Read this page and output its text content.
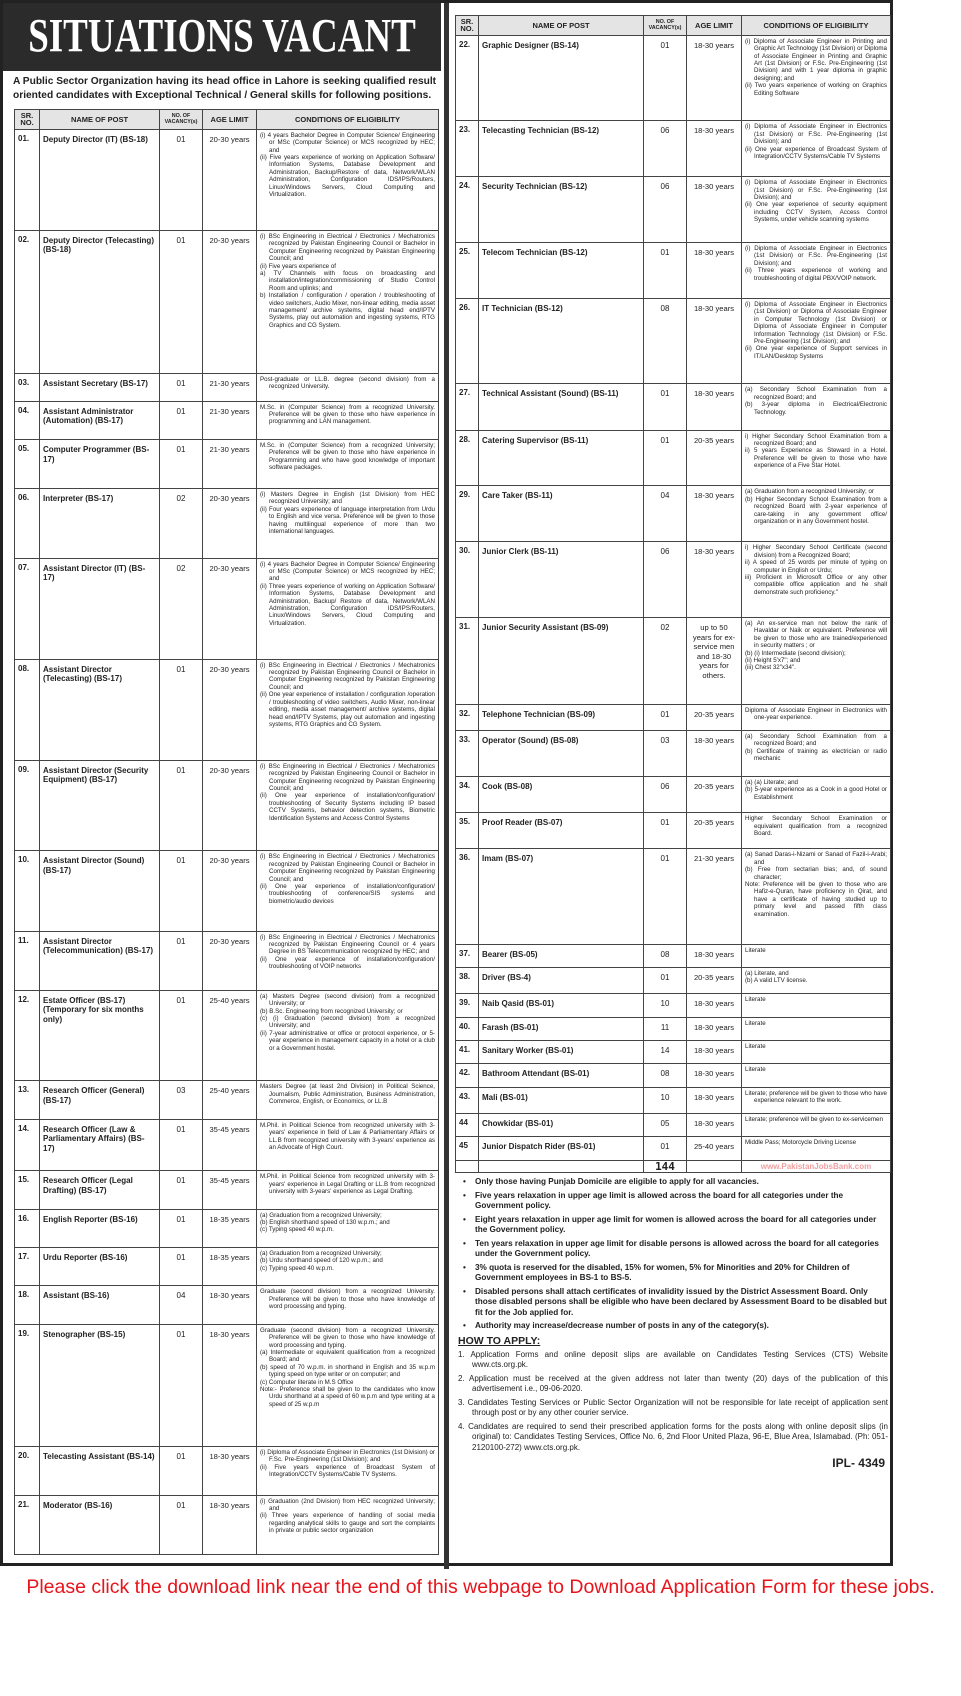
SITUATIONS VACANT
A Public Sector Organization having its head office in Lahore is seeking qualified result oriented candidates with Exceptional Technical / General skills for following positions.
SR. NO.	NAME OF POST	NO. OF VACANCY(s)	AGE LIMIT	CONDITIONS OF ELIGIBILITY
01.	Deputy Director (IT) (BS-18)	01	20-30 years	(i) 4 years Bachelor Degree in Computer Science/ Engineering or MSc (Computer Science) or MCS recognized by HEC; and
(ii) Five years experience of working on Application Software/ Information Systems, Database Development and Administration, Backup/Restore of data, Network/WLAN Administration, Configuration IDS/IPS/Routers, Linux/Windows Servers, Cloud Computing and Virtualization.

02.	Deputy Director (Telecasting) (BS-18)	01	20-30 years	(i) BSc Engineering in Electrical / Electronics / Mechatronics recognized by Pakistan Engineering Council or Bachelor in Computer Engineering recognized by Pakistan Engineering Council; and
(ii) Five years experience of
a) TV Channels with focus on broadcasting and installation/integration/commissioning of Studio Control Room and uplinks; and
b) Installation / configuration / operation / troubleshooting of video switchers, Audio Mixer, non-linear editing, media asset management/ archive systems, digital head end/IPTV Systems, play out automation and ingesting systems, RTG Graphics and CG System.

03.	Assistant Secretary (BS-17)	01	21-30 years	Post-graduate or LL.B. degree (second division) from a recognized University.

04.	Assistant Administrator (Automation) (BS-17)	01	21-30 years	M.Sc. in (Computer Science) from a recognized University. Preference will be given to those who have experience in programming and LAN management.

05.	Computer Programmer (BS-17)	01	21-30 years	M.Sc. in (Computer Science) from a recognized University; Preference will be given to those who have experience in Programming and who have good knowledge of important software packages.

06.	Interpreter (BS-17)	02	20-30 years	(i) Masters Degree in English (1st Division) from HEC recognized University; and
(ii) Four years experience of language interpretation from Urdu to English and vice versa. Preference will be given to those having multilingual experience of more than two international languages.

07.	Assistant Director (IT) (BS-17)	02	20-30 years	(i) 4 years Bachelor Degree in Computer Science/ Engineering or MSc (Computer Science) or MCS recognized by HEC; and
(ii) Three years experience of working on Application Software/ Information Systems, Database Development and Administration, Backup/ Restore of data, Network/WLAN Administration, Configuration IDS/IPS/Routers, Linux/Windows Servers, Cloud Computing and Virtualization.

08.	Assistant Director (Telecasting) (BS-17)	01	20-30 years	(i) BSc Engineering in Electrical / Electronics / Mechatronics recognized by Pakistan Engineering Council or Bachelor in Computer Engineering recognized by Pakistan Engineering Council; and
(ii) One year experience of installation / configuration /operation / troubleshooting of video switchers, Audio Mixer, non-linear editing, media asset management/ archive systems, digital head end/IPTV Systems, play out automation and ingesting systems, RTG Graphics and CG System.

09.	Assistant Director (Security Equipment) (BS-17)	01	20-30 years	(i) BSc Engineering in Electrical / Electronics / Mechatronics recognized by Pakistan Engineering Council or Bachelor in Computer Engineering recognized by Pakistan Engineering Council; and
(ii) One year experience of installation/configuration/ troubleshooting of Security Systems including IP based CCTV Systems, behavior detection systems, Biometric Identification Systems and Access Control Systems

10.	Assistant Director (Sound) (BS-17)	01	20-30 years	(i) BSc Engineering in Electrical / Electronics / Mechatronics recognized by Pakistan Engineering Council or Bachelor in Computer Engineering recognized by Pakistan Engineering Council; and
(ii) One year experience of installation/configuration/ troubleshooting of conference/SIS systems and biometric/audio devices

11.	Assistant Director (Telecommunication) (BS-17)	01	20-30 years	(i) BSc Engineering in Electrical / Electronics / Mechatronics recognized by Pakistan Engineering Council or 4 years Degree in BS Telecommunication recognized by HEC; and
(ii) One year experience of installation/configuration/ troubleshooting of VOIP networks

12.	Estate Officer (BS-17) (Temporary for six months only)	01	25-40 years	(a) Masters Degree (second division) from a recognized University; or
(b) B.Sc. Engineering from recognized University; or
(c) (i) Graduation (second division) from a recognized University; and
(ii) 7-year administrative or office or protocol experience, or 5-year experience in management capacity in a hotel or a club or a Government hostel.

13.	Research Officer (General) (BS-17)	03	25-40 years	Masters Degree (at least 2nd Division) in Political Science, Journalism, Public Administration, Business Administration, Commerce, English, or Economics, or LL.B

14.	Research Officer (Law & Parliamentary Affairs) (BS-17)	01	35-45 years	M.Phil. in Political Science from recognized university with 3-years' experience in field of Law & Parliamentary Affairs or LL.B from recognized university with 3-years' experience as an Advocate of High Court.

15.	Research Officer (Legal Drafting) (BS-17)	01	35-45 years	M.Phil. in Political Science from recognized university with 3-years' experience in Legal Drafting or LL.B from recognized university with 3-years' experience as Legal Drafting.

16.	English Reporter (BS-16)	01	18-35 years	(a) Graduation from a recognized University;
(b) English shorthand speed of 130 w.p.m.; and
(c) Typing speed 40 w.p.m.

17.	Urdu Reporter (BS-16)	01	18-35 years	(a) Graduation from a recognized University;
(b) Urdu shorthand speed of 120 w.p.m.; and
(c) Typing speed 40 w.p.m.

18.	Assistant (BS-16)	04	18-30 years	Graduate (second division) from a recognized University. Preference will be given to those who have knowledge of word processing and typing.

19.	Stenographer (BS-15)	01	18-30 years	Graduate (second division) from a recognized University. Preference will be given to those who have knowledge of word processing and typing.
(a) Intermediate or equivalent qualification from a recognized Board; and
(b) speed of 70 w.p.m. in shorthand in English and 35 w.p.m typing speed on type writer or on computer; and
(c) Computer literate in M.S Office
Note:- Preference shall be given to the candidates who know Urdu shorthand at a speed of 60 w.p.m and type writing at a speed of 25 w.p.m

20.	Telecasting Assistant (BS-14)	01	18-30 years	(i) Diploma of Associate Engineer in Electronics (1st Division) or F.Sc. Pre-Engineering (1st Division); and
(ii) Five years experience of Broadcast System of Integration/CCTV Systems/Cable TV Systems.

21.	Moderator (BS-16)	01	18-30 years	(i) Graduation (2nd Division) from HEC recognized University; and
(ii) Three years experience of handling of social media regarding analytical skills to gauge and sort the complaints in private or public sector organization
SR. NO.	NAME OF POST	NO. OF VACANCY(s)	AGE LIMIT	CONDITIONS OF ELIGIBILITY
22.	Graphic Designer (BS-14)	01	18-30 years	(i) Diploma of Associate Engineer in Printing and Graphic Art Technology (1st Division) or Diploma of Associate Engineer in Printing and Graphic Art (1st Division) or F.Sc. Pre-Engineering (1st Division) and with 1 year diploma in graphic designing; and
(ii) Two years experience of working on Graphics Editing Software

23.	Telecasting Technician (BS-12)	06	18-30 years	(i) Diploma of Associate Engineer in Electronics (1st Division) or F.Sc. Pre-Engineering (1st Division); and
(ii) One year experience of Broadcast System of Integration/CCTV Systems/Cable TV Systems

24.	Security Technician (BS-12)	06	18-30 years	(i) Diploma of Associate Engineer in Electronics (1st Division) or F.Sc. Pre-Engineering (1st Division); and
(ii) One year experience of security equipment including CCTV System, Access Control Systems, under vehicle scanning systems

25.	Telecom Technician (BS-12)	01	18-30 years	(i) Diploma of Associate Engineer in Electronics (1st Division) or F.Sc. Pre-Engineering (1st Division); and
(ii) Three years experience of working and troubleshooting of digital PBX/VOIP network.

26.	IT Technician (BS-12)	08	18-30 years	(i) Diploma of Associate Engineer in Electronics (1st Division) or Diploma of Associate Engineer in Computer Technology (1st Division) or Diploma of Associate Engineer in Computer Information Technology (1st Division) or F.Sc. Pre-Engineering (1st Division); and
(ii) One year experience of Support services in IT/LAN/Desktop Systems

27.	Technical Assistant (Sound) (BS-11)	01	18-30 years	(a) Secondary School Examination from a recognized Board; and
(b) 3-year diploma in Electrical/Electronic Technology.

28.	Catering Supervisor (BS-11)	01	20-35 years	i) Higher Secondary School Examination from a recognized Board; and
ii) 5 years Experience as Steward in a Hotel. Preference will be given to those who have experience of a Five Star Hotel.

29.	Care Taker (BS-11)	04	18-30 years	(a) Graduation from a recognized University; or
(b) Higher Secondary School Examination from a recognized Board with 2-year experience of care-taking in any government office/ organization or in any Government hostel.

30.	Junior Clerk (BS-11)	06	18-30 years	i) Higher Secondary School Certificate (second division) from a Recognized Board;
ii) A speed of 25 words per minute of typing on computer in English or Urdu;
iii) Proficient in Microsoft Office or any other compatible office application and he shall demonstrate such proficiency."

31.	Junior Security Assistant (BS-09)	02	up to 50 years for ex-service men and 18-30 years for others.	(a) An ex-service man not below the rank of Havaldar or Naik or equivalent. Preference will be given to those who are trained/experienced in security matters ; or
(b) (i) Intermediate (second division);
(ii) Height 5'x7"; and
(iii) Chest 32"x34".

32.	Telephone Technician (BS-09)	01	20-35 years	Diploma of Associate Engineer in Electronics with one-year experience.

33.	Operator (Sound) (BS-08)	03	18-30 years	(a) Secondary School Examination from a recognized Board; and
(b) Certificate of training as electrician or radio mechanic

34.	Cook (BS-08)	06	20-35 years	(a) (a) Literate; and
(b) 5-year experience as a Cook in a good Hotel or Establishment

35.	Proof Reader (BS-07)	01	20-35 years	Higher Secondary School Examination or equivalent qualification from a recognized Board.

36.	Imam (BS-07)	01	21-30 years	(a) Sanad Daras-i-Nizami or Sanad of Fazil-i-Arabi; and
(b) Free from sectarian bias; and, of sound character;
Note: Preference will be given to those who are Hafiz-e-Quran, have proficiency in Qirat, and have a certificate of having studied up to primary level and passed fifth class examination.

37.	Bearer (BS-05)	08	18-30 years	Literate

38.	Driver (BS-4)	01	20-35 years	(a) Literate, and
(b) A valid LTV license.

39.	Naib Qasid (BS-01)	10	18-30 years	Literate

40.	Farash (BS-01)	11	18-30 years	Literate

41.	Sanitary Worker (BS-01)	14	18-30 years	Literate

42.	Bathroom Attendant (BS-01)	08	18-30 years	Literate

43.	Mali (BS-01)	10	18-30 years	Literate; preference will be given to those who have experience relevant to the work.

44	Chowkidar (BS-01)	05	18-30 years	Literate; preference will be given to ex-servicemen

45	Junior Dispatch Rider (BS-01)	01	25-40 years	Middle Pass; Motorcycle Driving License

		144		www.PakistanJobsBank.com
• Only those having Punjab Domicile are eligible to apply for all vacancies.
• Five years relaxation in upper age limit is allowed across the board for all categories under the Government policy.
• Eight years relaxation in upper age limit for women is allowed across the board for all categories under the Government policy.
• Ten years relaxation in upper age limit for disable persons is allowed across the board for all categories under the Government policy.
• 3% quota is reserved for the disabled, 15% for women, 5% for Minorities and 20% for Children of Government employees in BS-1 to BS-5.
• Disabled persons shall attach certificates of invalidity issued by the District Assessment Board. Only those disabled persons shall be eligible who have been declared by Assessment Board to be disabled but fit for the Job applied for.
• Authority may increase/decrease number of posts in any of the category(s).
HOW TO APPLY:
1. Application Forms and online deposit slips are available on Candidates Testing Services (CTS) Website www.cts.org.pk.
2. Application must be received at the given address not later than twenty (20) days of the publication of this advertisement i.e., 09-06-2020.
3. Candidates Testing Services or Public Sector Organization will not be responsible for late receipt of application sent through post or by any other courier service.
4. Candidates are required to send their prescribed application forms for the posts along with online deposit slips (in original) to: Candidates Testing Services, Office No. 6, 2nd Floor United Plaza, 96-E, Blue Area, Islamabad. (Ph: 051-2120100-272) www.cts.org.pk.
IPL- 4349
Please click the download link near the end of this webpage to Download Application Form for these jobs.
